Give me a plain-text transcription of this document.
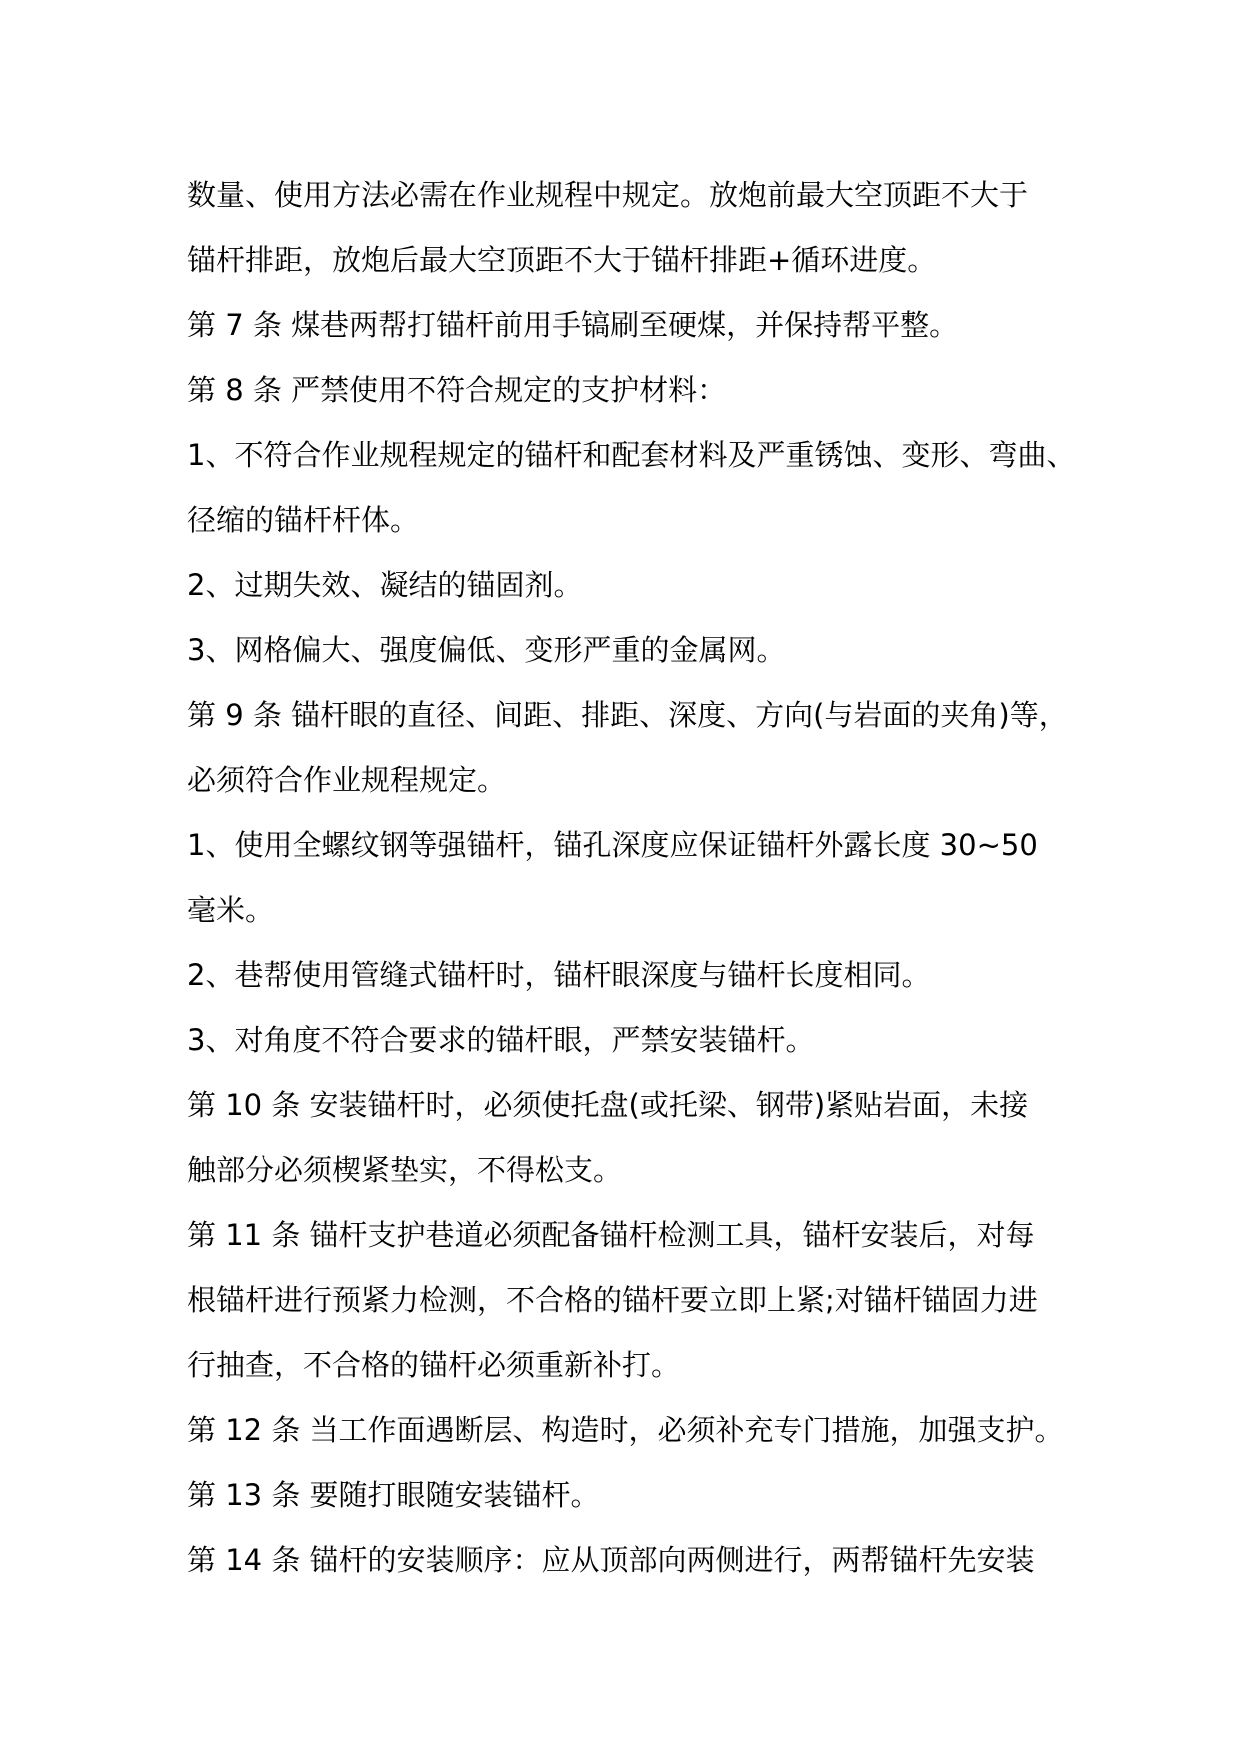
数量、使用方法必需在作业规程中规定。放炮前最大空顶距不大于
锚杆排距，放炮后最大空顶距不大于锚杆排距+循环进度。
第 7 条 煤巷两帮打锚杆前用手镐刷至硬煤，并保持帮平整。
第 8 条 严禁使用不符合规定的支护材料：
1、不符合作业规程规定的锚杆和配套材料及严重锈蚀、变形、弯曲、
径缩的锚杆杆体。
2、过期失效、凝结的锚固剂。
3、网格偏大、强度偏低、变形严重的金属网。
第 9 条 锚杆眼的直径、间距、排距、深度、方向(与岩面的夹角)等，
必须符合作业规程规定。
1、使用全螺纹钢等强锚杆，锚孔深度应保证锚杆外露长度 30~50
毫米。
2、巷帮使用管缝式锚杆时，锚杆眼深度与锚杆长度相同。
3、对角度不符合要求的锚杆眼，严禁安装锚杆。
第 10 条 安装锚杆时，必须使托盘(或托梁、钢带)紧贴岩面，未接
触部分必须楔紧垫实，不得松支。
第 11 条 锚杆支护巷道必须配备锚杆检测工具，锚杆安装后，对每
根锚杆进行预紧力检测，不合格的锚杆要立即上紧;对锚杆锚固力进
行抽查，不合格的锚杆必须重新补打。
第 12 条 当工作面遇断层、构造时，必须补充专门措施，加强支护。
第 13 条 要随打眼随安装锚杆。
第 14 条 锚杆的安装顺序：应从顶部向两侧进行，两帮锚杆先安装
